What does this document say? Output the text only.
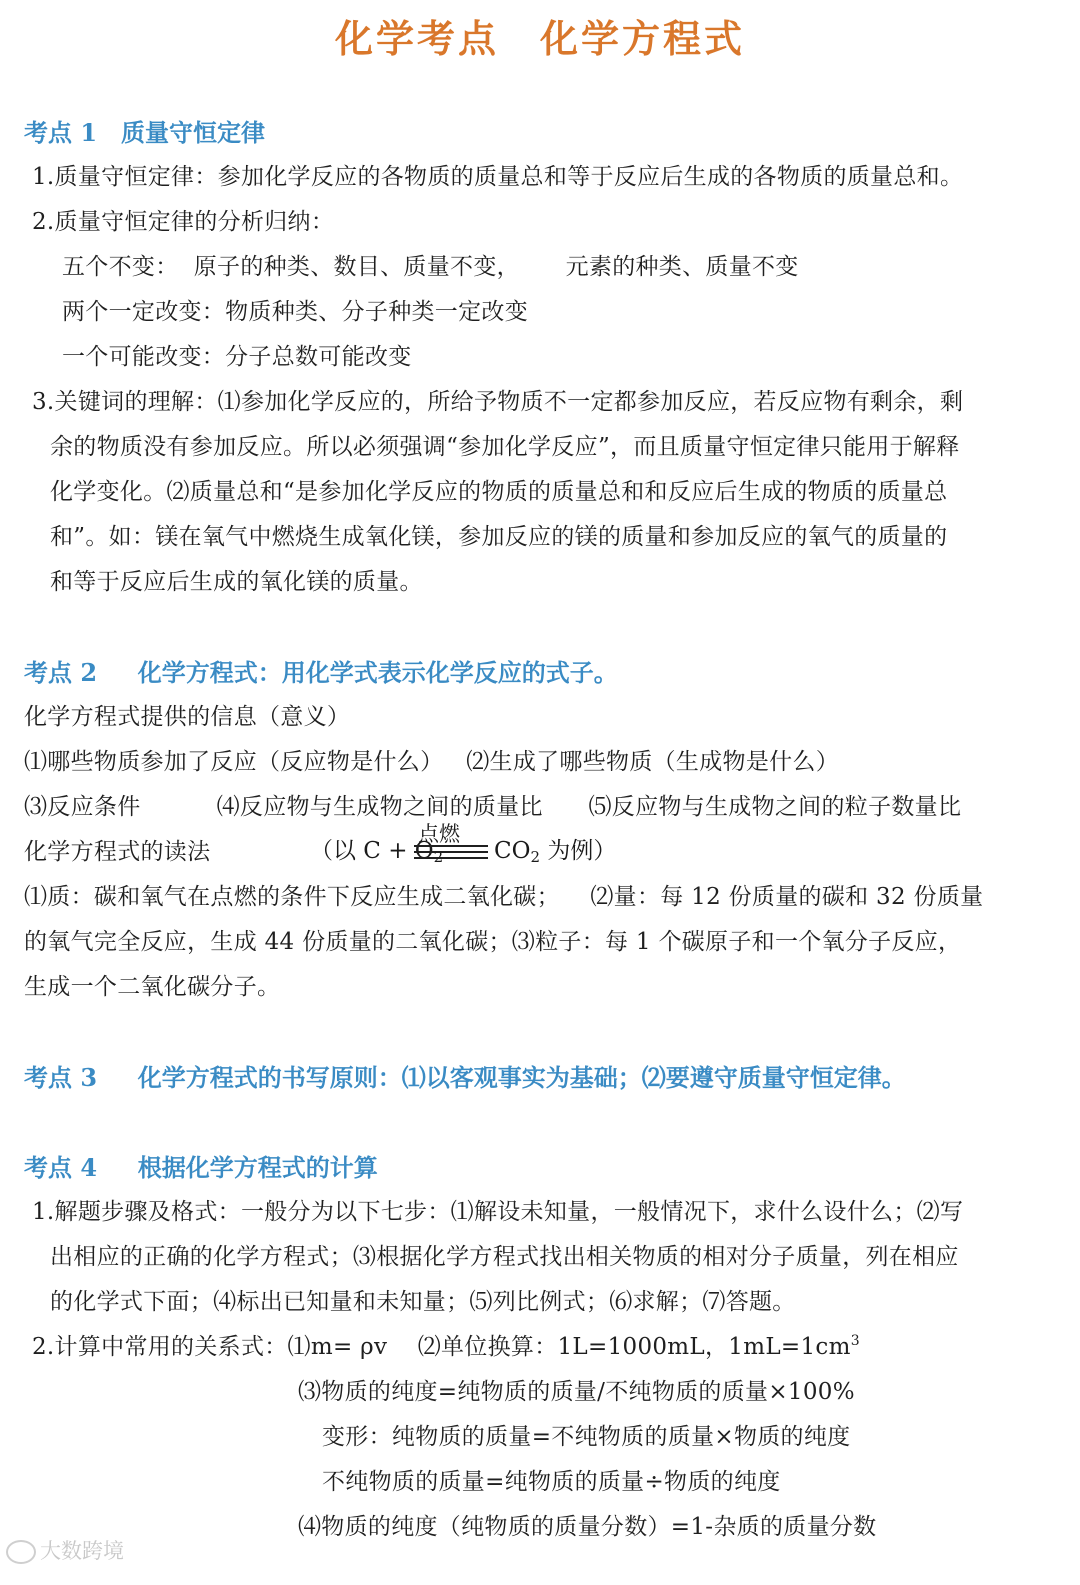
化学考点　化学方程式
考点 1　质量守恒定律
1.质量守恒定律：参加化学反应的各物质的质量总和等于反应后生成的各物质的质量总和。
2.质量守恒定律的分析归纳：
五个不变：  原子的种类、数目、质量不变，      元素的种类、质量不变
两个一定改变：物质种类、分子种类一定改变
一个可能改变：分子总数可能改变
3.关键词的理解：⑴参加化学反应的，所给予物质不一定都参加反应，若反应物有剩余，剩
余的物质没有参加反应。所以必须强调“参加化学反应”，而且质量守恒定律只能用于解释
化学变化。⑵质量总和“是参加化学反应的物质的质量总和和反应后生成的物质的质量总
和”。如：镁在氧气中燃烧生成氧化镁，参加反应的镁的质量和参加反应的氧气的质量的
和等于反应后生成的氧化镁的质量。
考点 2　  化学方程式：用化学式表示化学反应的式子。
化学方程式提供的信息（意义）
⑴哪些物质参加了反应（反应物是什么）   ⑵生成了哪些物质（生成物是什么）
⑶反应条件          ⑷反应物与生成物之间的质量比      ⑸反应物与生成物之间的粒子数量比
化学方程式的读法	（以 $C + O_2$
点燃
$CO_2$ 为例）
⑴质：碳和氧气在点燃的条件下反应生成二氧化碳；    ⑵量：每 12 份质量的碳和 32 份质量
的氧气完全反应，生成 44 份质量的二氧化碳；⑶粒子：每 1 个碳原子和一个氧分子反应，
生成一个二氧化碳分子。
考点 3　  化学方程式的书写原则：⑴以客观事实为基础；⑵要遵守质量守恒定律。
考点 4　  根据化学方程式的计算
1.解题步骤及格式：一般分为以下七步：⑴解设未知量，一般情况下，求什么设什么；⑵写
出相应的正确的化学方程式；⑶根据化学方程式找出相关物质的相对分子质量，列在相应
的化学式下面；⑷标出已知量和未知量；⑸列比例式；⑹求解；⑺答题。
2.计算中常用的关系式：⑴m= ρv    ⑵单位换算：1L=1000mL，$1mL=1cm^3$
⑶物质的纯度=纯物质的质量/不纯物质的质量×100%
变形：纯物质的质量=不纯物质的质量×物质的纯度
不纯物质的质量=纯物质的质量÷物质的纯度
⑷物质的纯度（纯物质的质量分数）=1-杂质的质量分数
大数跨境
